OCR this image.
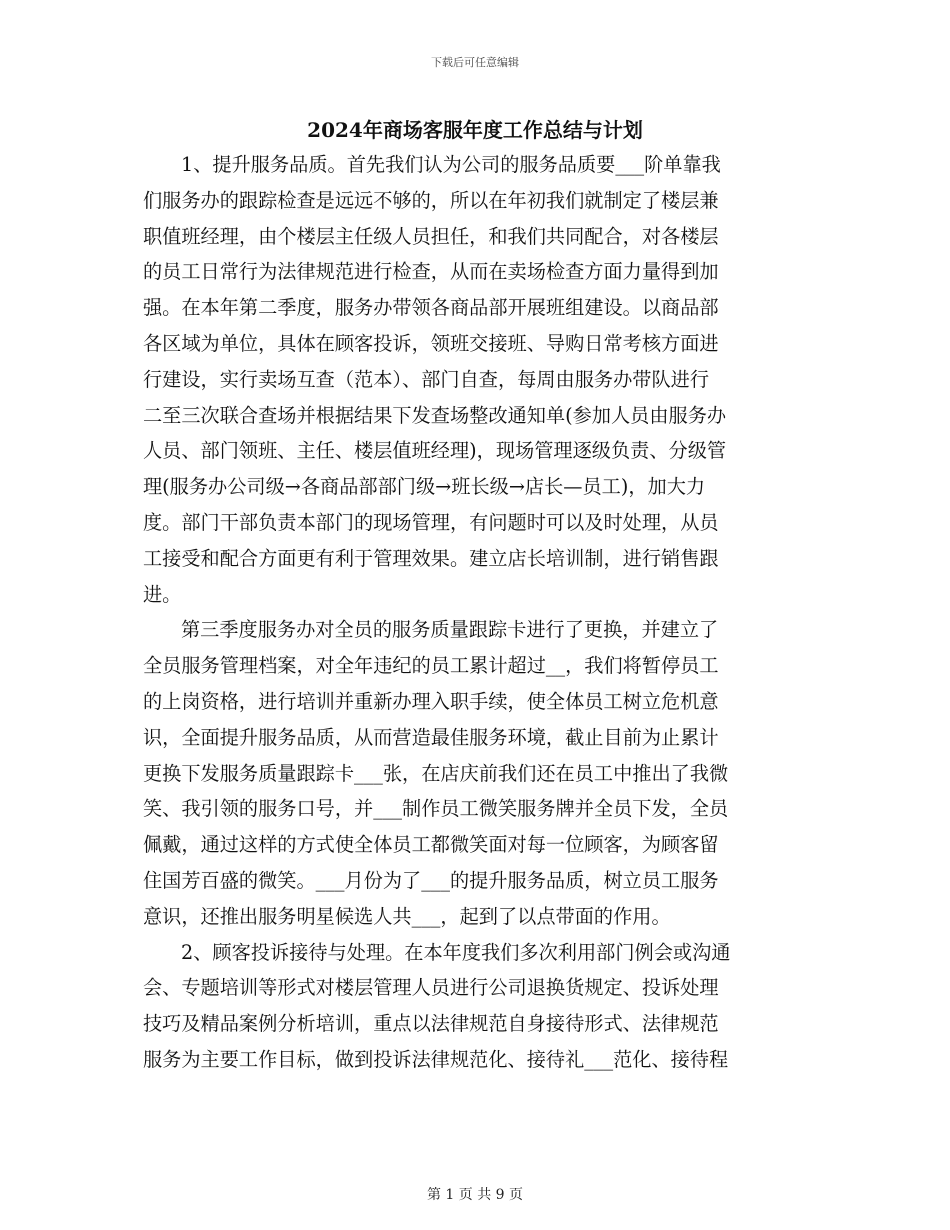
下载后可任意编辑
2024年商场客服年度工作总结与计划

1、提升服务品质。首先我们认为公司的服务品质要___阶单靠我
们服务办的跟踪检查是远远不够的，所以在年初我们就制定了楼层兼
职值班经理，由个楼层主任级人员担任，和我们共同配合，对各楼层
的员工日常行为法律规范进行检查，从而在卖场检查方面力量得到加
强。在本年第二季度，服务办带领各商品部开展班组建设。以商品部
各区域为单位，具体在顾客投诉，领班交接班、导购日常考核方面进
行建设，实行卖场互查（范本）、部门自查，每周由服务办带队进行
二至三次联合查场并根据结果下发查场整改通知单(参加人员由服务办
人员、部门领班、主任、楼层值班经理)，现场管理逐级负责、分级管
理(服务办公司级→各商品部部门级→班长级→店长—员工)，加大力
度。部门干部负责本部门的现场管理，有问题时可以及时处理，从员
工接受和配合方面更有利于管理效果。建立店长培训制，进行销售跟
进。

第三季度服务办对全员的服务质量跟踪卡进行了更换，并建立了
全员服务管理档案，对全年违纪的员工累计超过__，我们将暂停员工
的上岗资格，进行培训并重新办理入职手续，使全体员工树立危机意
识，全面提升服务品质，从而营造最佳服务环境，截止目前为止累计
更换下发服务质量跟踪卡___张，在店庆前我们还在员工中推出了我微
笑、我引领的服务口号，并___制作员工微笑服务牌并全员下发，全员
佩戴，通过这样的方式使全体员工都微笑面对每一位顾客，为顾客留
住国芳百盛的微笑。___月份为了___的提升服务品质，树立员工服务
意识，还推出服务明星候选人共___，起到了以点带面的作用。

2、顾客投诉接待与处理。在本年度我们多次利用部门例会或沟通
会、专题培训等形式对楼层管理人员进行公司退换货规定、投诉处理
技巧及精品案例分析培训，重点以法律规范自身接待形式、法律规范
服务为主要工作目标，做到投诉法律规范化、接待礼___范化、接待程

第 1 页 共 9 页
